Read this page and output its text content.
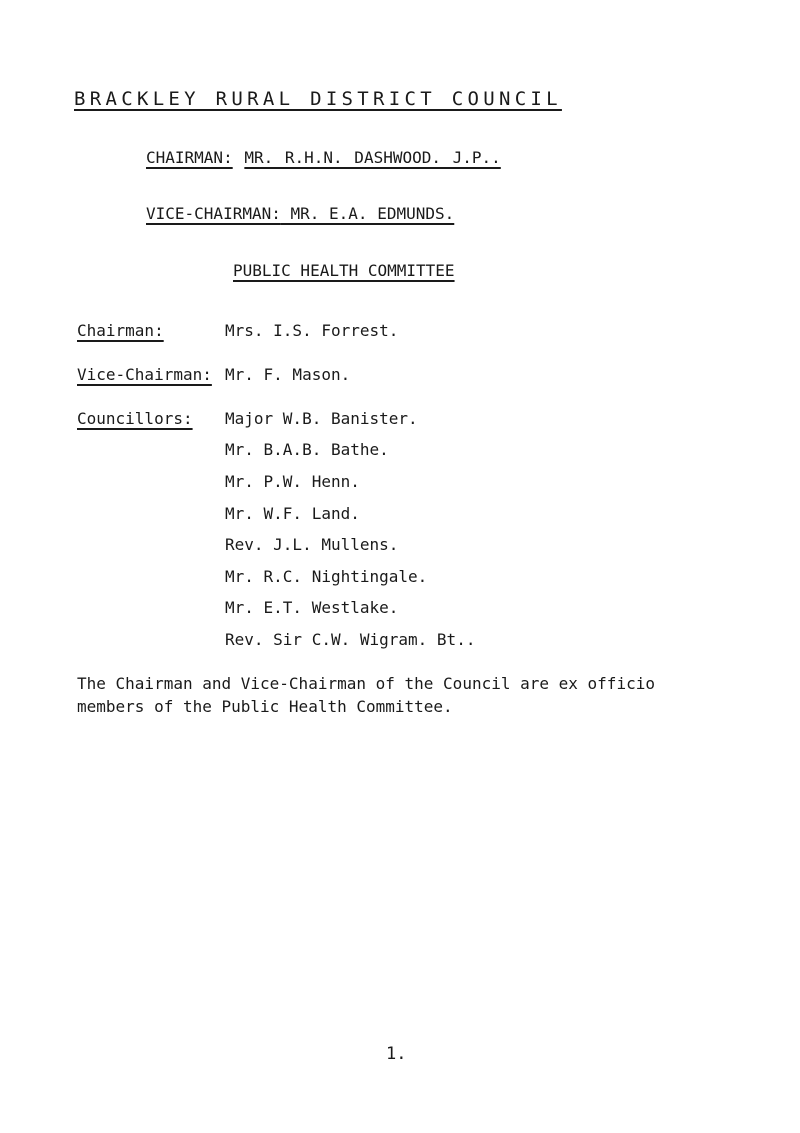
BRACKLEY RURAL DISTRICT COUNCIL
CHAIRMAN: MR. R.H.N. DASHWOOD. J.P..
VICE-CHAIRMAN: MR. E.A. EDMUNDS.
PUBLIC HEALTH COMMITTEE
Chairman:	Mrs. I.S. Forrest.
Vice-Chairman: Mr. F. Mason.
Councillors: Major W.B. Banister.
Mr. B.A.B. Bathe.
Mr. P.W. Henn.
Mr. W.F. Land.
Rev. J.L. Mullens.
Mr. R.C. Nightingale.
Mr. E.T. Westlake.
Rev. Sir C.W. Wigram. Bt..

The Chairman and Vice-Chairman of the Council are ex officio

members of the Public Health Committee.

1.
